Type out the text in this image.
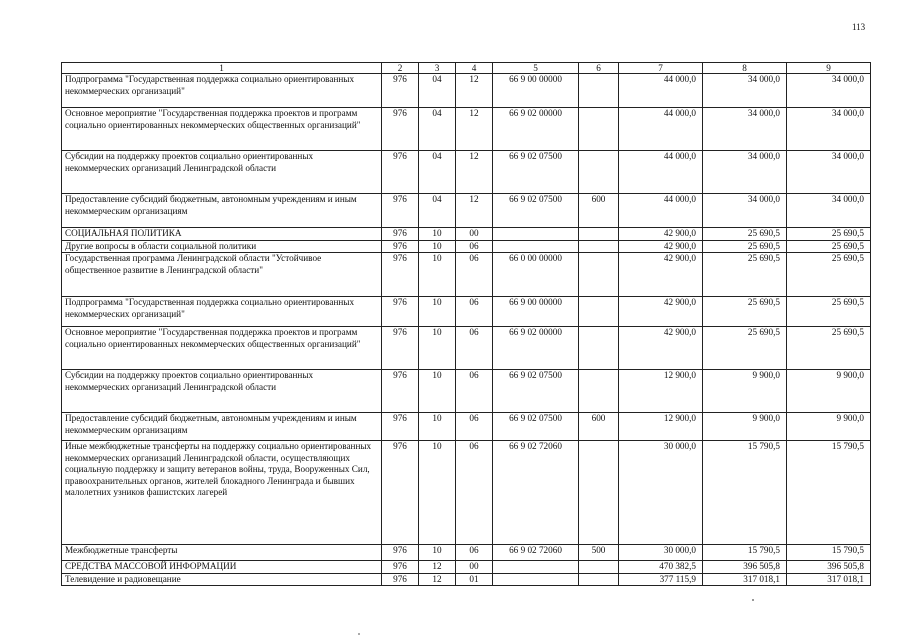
113
1	2	3	4	5	6	7	8	9
Подпрограмма "Государственная поддержка социально ориентированных некоммерческих организаций"	976	04	12	66 9 00 00000		44 000,0	34 000,0	34 000,0
Основное мероприятие "Государственная поддержка проектов и программ социально ориентированных некоммерческих общественных организаций"	976	04	12	66 9 02 00000		44 000,0	34 000,0	34 000,0
Субсидии на поддержку проектов социально ориентированных некоммерческих организаций Ленинградской области	976	04	12	66 9 02 07500		44 000,0	34 000,0	34 000,0
Предоставление субсидий бюджетным, автономным учреждениям и иным некоммерческим организациям	976	04	12	66 9 02 07500	600	44 000,0	34 000,0	34 000,0
СОЦИАЛЬНАЯ ПОЛИТИКА	976	10	00			42 900,0	25 690,5	25 690,5
Другие вопросы в области социальной политики	976	10	06			42 900,0	25 690,5	25 690,5
Государственная программа Ленинградской области "Устойчивое общественное развитие в Ленинградской области"	976	10	06	66 0 00 00000		42 900,0	25 690,5	25 690,5
Подпрограмма "Государственная поддержка социально ориентированных некоммерческих организаций"	976	10	06	66 9 00 00000		42 900,0	25 690,5	25 690,5
Основное мероприятие "Государственная поддержка проектов и программ социально ориентированных некоммерческих общественных организаций"	976	10	06	66 9 02 00000		42 900,0	25 690,5	25 690,5
Субсидии на поддержку проектов социально ориентированных некоммерческих организаций Ленинградской области	976	10	06	66 9 02 07500		12 900,0	9 900,0	9 900,0
Предоставление субсидий бюджетным, автономным учреждениям и иным некоммерческим организациям	976	10	06	66 9 02 07500	600	12 900,0	9 900,0	9 900,0
Иные межбюджетные трансферты на поддержку социально ориентированных некоммерческих организаций Ленинградской области, осуществляющих социальную поддержку и защиту ветеранов войны, труда, Вооруженных Сил, правоохранительных органов, жителей блокадного Ленинграда и бывших малолетних узников фашистских лагерей	976	10	06	66 9 02 72060		30 000,0	15 790,5	15 790,5
Межбюджетные трансферты	976	10	06	66 9 02 72060	500	30 000,0	15 790,5	15 790,5
СРЕДСТВА МАССОВОЙ ИНФОРМАЦИИ	976	12	00			470 382,5	396 505,8	396 505,8
Телевидение и радиовещание	976	12	01			377 115,9	317 018,1	317 018,1
